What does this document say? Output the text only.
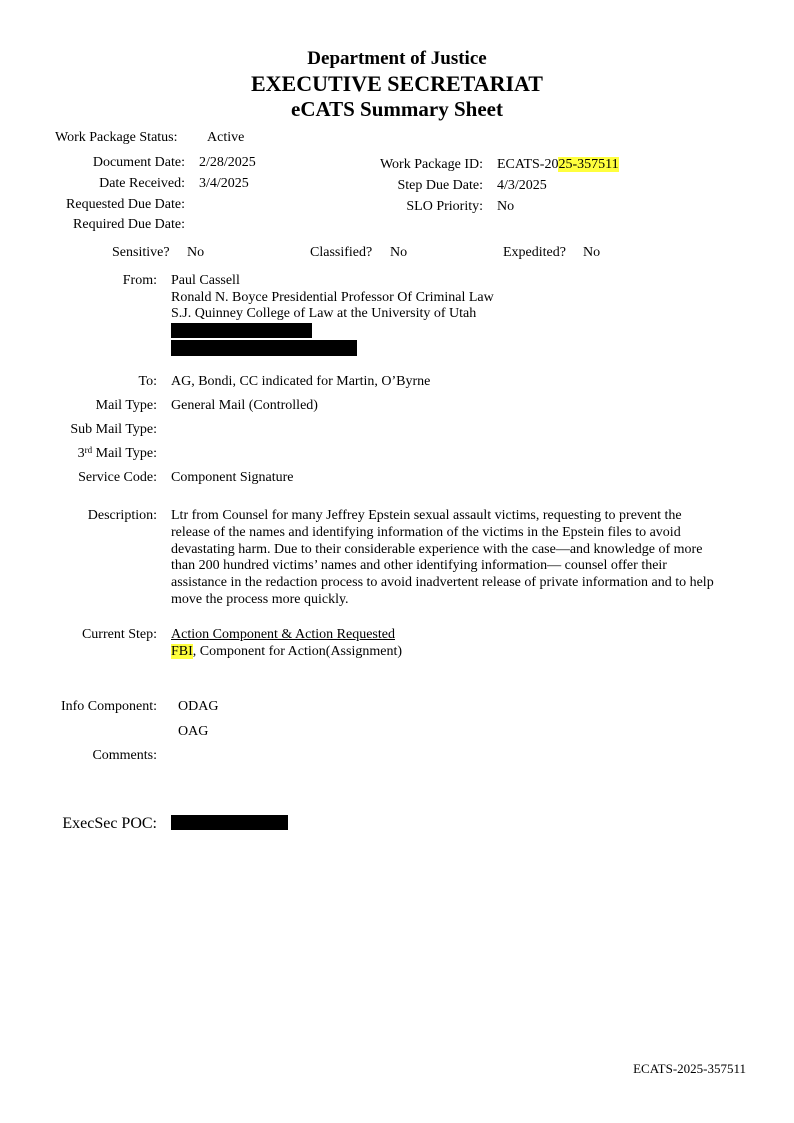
Department of Justice
EXECUTIVE SECRETARIAT
eCATS Summary Sheet
Work Package Status: Active
Document Date: 2/28/2025
Date Received: 3/4/2025
Requested Due Date:
Required Due Date:
Work Package ID: ECATS-2025-357511
Step Due Date: 4/3/2025
SLO Priority: No
Sensitive? No	Classified? No	Expedited? No
From: Paul Cassell
Ronald N. Boyce Presidential Professor Of Criminal Law
S.J. Quinney College of Law at the University of Utah
To: AG, Bondi, CC indicated for Martin, O’Byrne
Mail Type: General Mail (Controlled)
Sub Mail Type:
3rd Mail Type:
Service Code: Component Signature
Description: Ltr from Counsel for many Jeffrey Epstein sexual assault victims, requesting to prevent the release of the names and identifying information of the victims in the Epstein files to avoid devastating harm. Due to their considerable experience with the case—and knowledge of more than 200 hundred victims’ names and other identifying information— counsel offer their assistance in the redaction process to avoid inadvertent release of private information and to help move the process more quickly.
Current Step: Action Component & Action Requested
FBI, Component for Action(Assignment)
Info Component: ODAG
OAG
Comments:
ExecSec POC:
ECATS-2025-357511
